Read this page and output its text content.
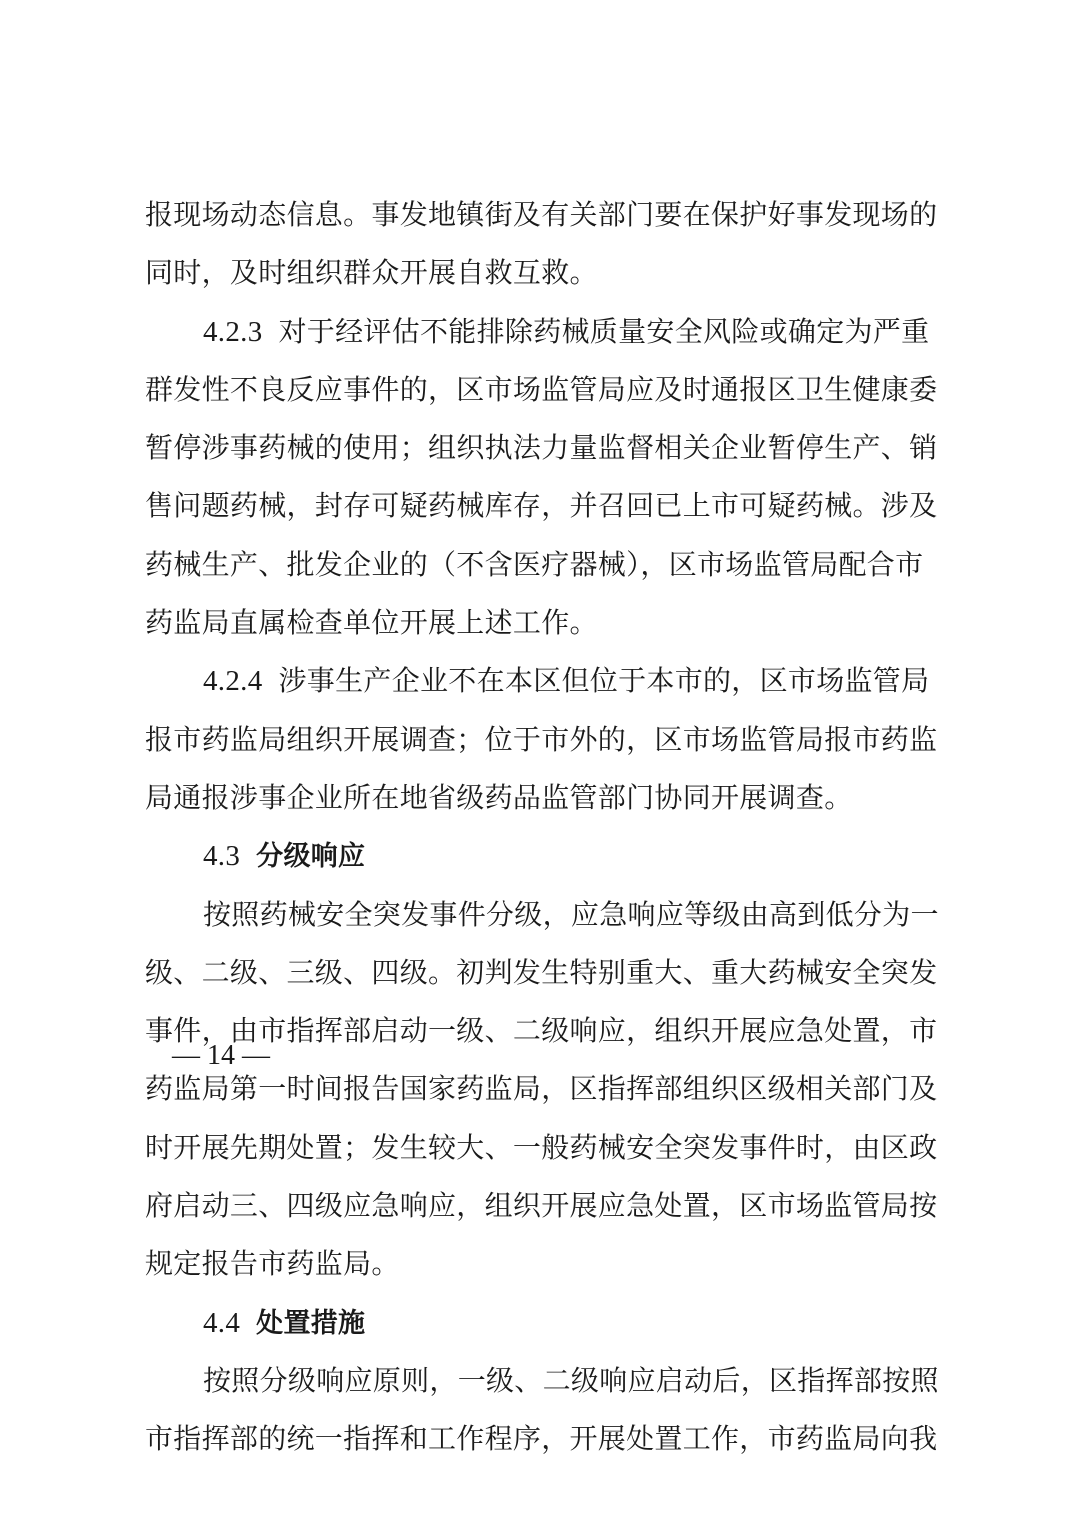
报现场动态信息。事发地镇街及有关部门要在保护好事发现场的
同时，及时组织群众开展自救互救。
4.2.3 对于经评估不能排除药械质量安全风险或确定为严重
群发性不良反应事件的，区市场监管局应及时通报区卫生健康委
暂停涉事药械的使用；组织执法力量监督相关企业暂停生产、销
售问题药械，封存可疑药械库存，并召回已上市可疑药械。涉及
药械生产、批发企业的（不含医疗器械），区市场监管局配合市
药监局直属检查单位开展上述工作。
4.2.4 涉事生产企业不在本区但位于本市的，区市场监管局
报市药监局组织开展调查；位于市外的，区市场监管局报市药监
局通报涉事企业所在地省级药品监管部门协同开展调查。
4.3 分级响应
按照药械安全突发事件分级，应急响应等级由高到低分为一
级、二级、三级、四级。初判发生特别重大、重大药械安全突发
事件，由市指挥部启动一级、二级响应，组织开展应急处置，市
药监局第一时间报告国家药监局，区指挥部组织区级相关部门及
时开展先期处置；发生较大、一般药械安全突发事件时，由区政
府启动三、四级应急响应，组织开展应急处置，区市场监管局按
规定报告市药监局。
4.4 处置措施
按照分级响应原则，一级、二级响应启动后，区指挥部按照
市指挥部的统一指挥和工作程序，开展处置工作，市药监局向我
— 14 —
